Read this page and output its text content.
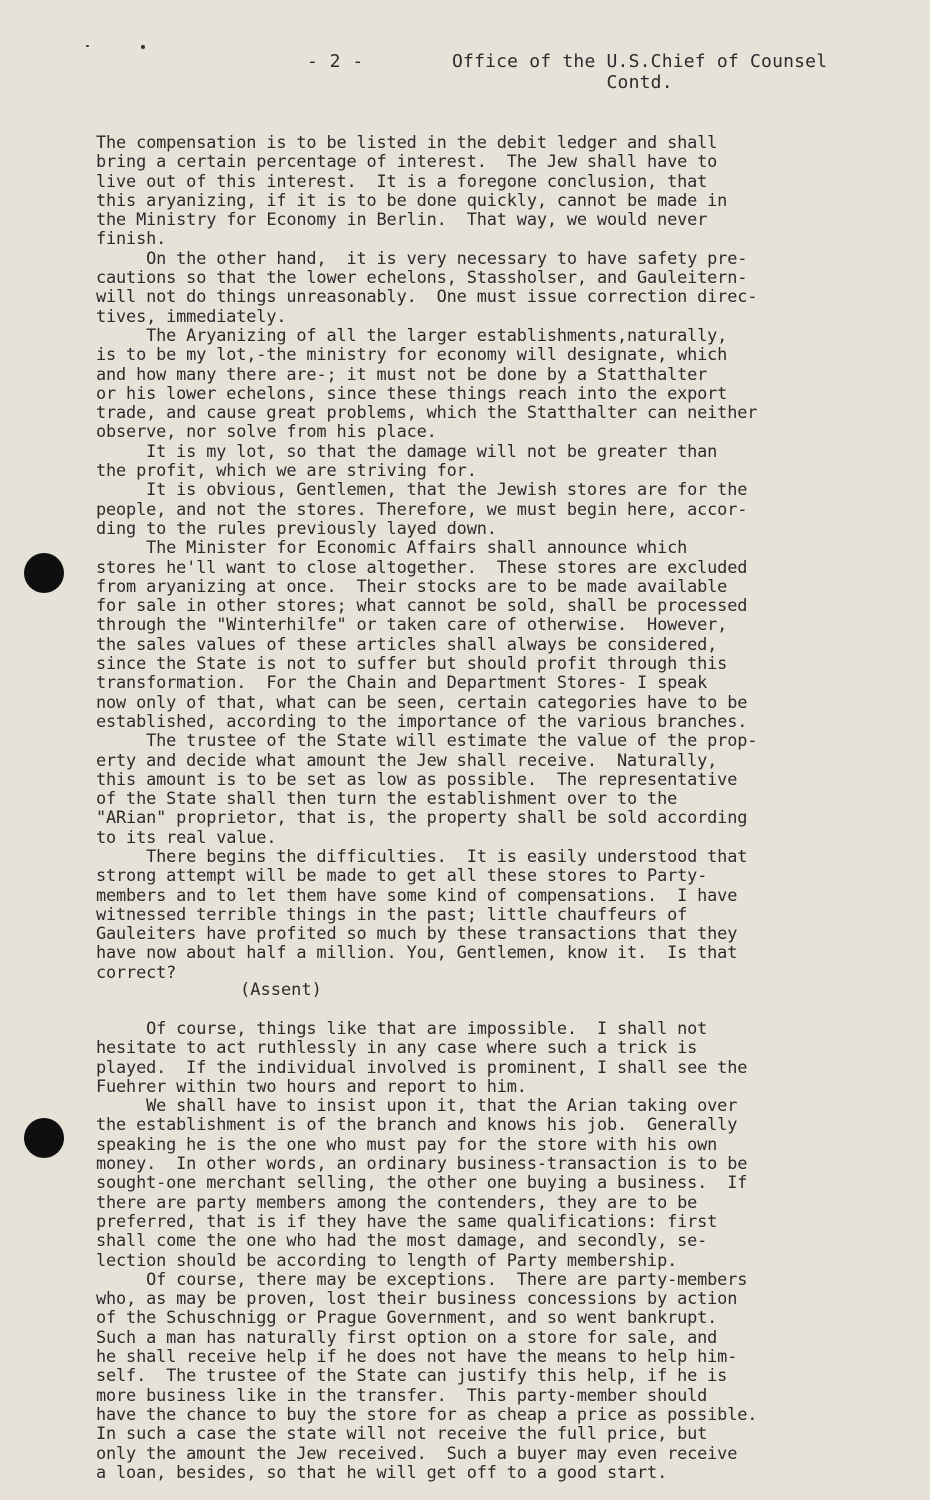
- 2 -	Office of the U.S.Chief of Counsel
Contd.

The compensation is to be listed in the debit ledger and shall

bring a certain percentage of interest.  The Jew shall have to

live out of this interest.  It is a foregone conclusion, that

this aryanizing, if it is to be done quickly, cannot be made in

the Ministry for Economy in Berlin.  That way, we would never

finish.

On the other hand,  it is very necessary to have safety pre-

cautions so that the lower echelons, Stassholser, and Gauleitern-

will not do things unreasonably.  One must issue correction direc-

tives, immediately.

The Aryanizing of all the larger establishments,naturally,

is to be my lot,-the ministry for economy will designate, which

and how many there are-; it must not be done by a Statthalter

or his lower echelons, since these things reach into the export

trade, and cause great problems, which the Statthalter can neither

observe, nor solve from his place.

It is my lot, so that the damage will not be greater than

the profit, which we are striving for.

It is obvious, Gentlemen, that the Jewish stores are for the

people, and not the stores. Therefore, we must begin here, accor-

ding to the rules previously layed down.

The Minister for Economic Affairs shall announce which

stores he'll want to close altogether.  These stores are excluded

from aryanizing at once.  Their stocks are to be made available

for sale in other stores; what cannot be sold, shall be processed

through the "Winterhilfe" or taken care of otherwise.  However,

the sales values of these articles shall always be considered,

since the State is not to suffer but should profit through this

transformation.  For the Chain and Department Stores- I speak

now only of that, what can be seen, certain categories have to be

established, according to the importance of the various branches.

The trustee of the State will estimate the value of the prop-

erty and decide what amount the Jew shall receive.  Naturally,

this amount is to be set as low as possible.  The representative

of the State shall then turn the establishment over to the

"ARian" proprietor, that is, the property shall be sold according

to its real value.

There begins the difficulties.  It is easily understood that

strong attempt will be made to get all these stores to Party-

members and to let them have some kind of compensations.  I have

witnessed terrible things in the past; little chauffeurs of

Gauleiters have profited so much by these transactions that they

have now about half a million. You, Gentlemen, know it.  Is that

correct?

(Assent)

Of course, things like that are impossible.  I shall not

hesitate to act ruthlessly in any case where such a trick is

played.  If the individual involved is prominent, I shall see the

Fuehrer within two hours and report to him.

We shall have to insist upon it, that the Arian taking over

the establishment is of the branch and knows his job.  Generally

speaking he is the one who must pay for the store with his own

money.  In other words, an ordinary business-transaction is to be

sought-one merchant selling, the other one buying a business.  If

there are party members among the contenders, they are to be

preferred, that is if they have the same qualifications: first

shall come the one who had the most damage, and secondly, se-

lection should be according to length of Party membership.

Of course, there may be exceptions.  There are party-members

who, as may be proven, lost their business concessions by action

of the Schuschnigg or Prague Government, and so went bankrupt.

Such a man has naturally first option on a store for sale, and

he shall receive help if he does not have the means to help him-

self.  The trustee of the State can justify this help, if he is

more business like in the transfer.  This party-member should

have the chance to buy the store for as cheap a price as possible.

In such a case the state will not receive the full price, but

only the amount the Jew received.  Such a buyer may even receive

a loan, besides, so that he will get off to a good start.
